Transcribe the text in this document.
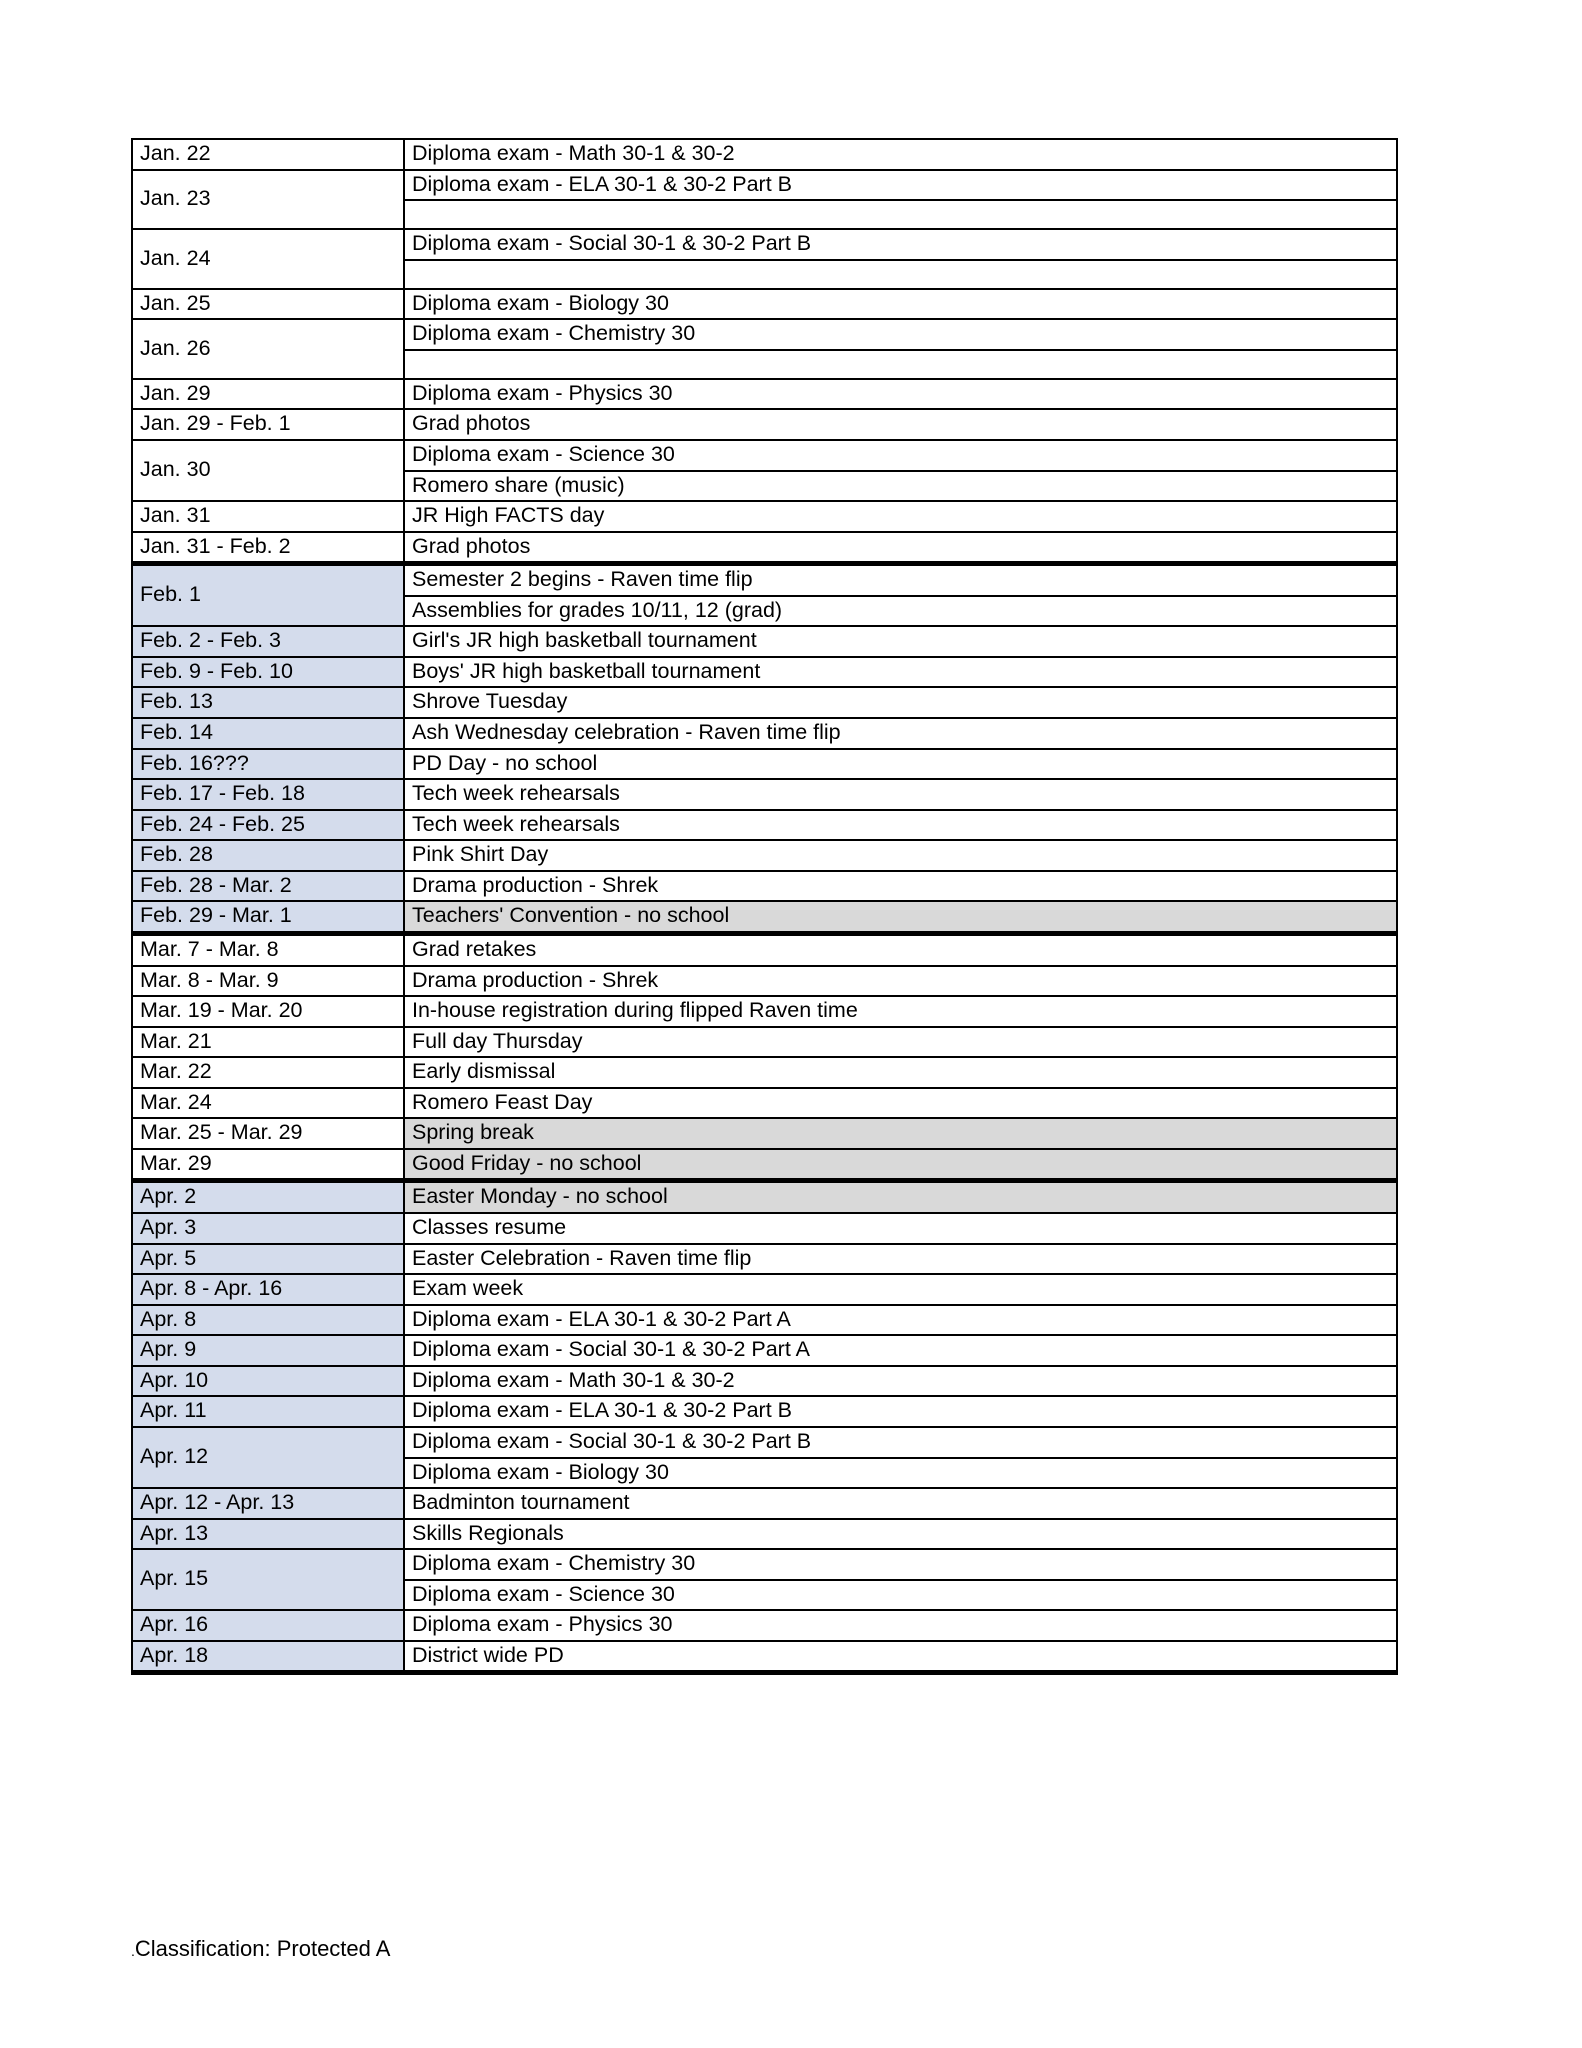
Jan. 22	Diploma exam - Math 30-1 & 30-2
Jan. 23	Diploma exam - ELA 30-1 & 30-2 Part B

Jan. 24	Diploma exam - Social 30-1 & 30-2 Part B

Jan. 25	Diploma exam - Biology 30
Jan. 26	Diploma exam - Chemistry 30

Jan. 29	Diploma exam - Physics 30
Jan. 29 - Feb. 1	Grad photos
Jan. 30	Diploma exam - Science 30
	Romero share (music)
Jan. 31	JR High FACTS day
Jan. 31 - Feb. 2	Grad photos
Feb. 1	Semester 2 begins - Raven time flip
	Assemblies for grades 10/11, 12 (grad)
Feb. 2 - Feb. 3	Girl's JR high basketball tournament
Feb. 9 - Feb. 10	Boys' JR high basketball tournament
Feb. 13	Shrove Tuesday
Feb. 14	Ash Wednesday celebration - Raven time flip
Feb. 16???	PD Day - no school
Feb. 17 - Feb. 18	Tech week rehearsals
Feb. 24 - Feb. 25	Tech week rehearsals
Feb. 28	Pink Shirt Day
Feb. 28 - Mar. 2	Drama production - Shrek
Feb. 29 - Mar. 1	Teachers' Convention - no school
Mar. 7 - Mar. 8	Grad retakes
Mar. 8 - Mar. 9	Drama production - Shrek
Mar. 19 - Mar. 20	In-house registration during flipped Raven time
Mar. 21	Full day Thursday
Mar. 22	Early dismissal
Mar. 24	Romero Feast Day
Mar. 25 - Mar. 29	Spring break
Mar. 29	Good Friday - no school
Apr. 2	Easter Monday - no school
Apr. 3	Classes resume
Apr. 5	Easter Celebration - Raven time flip
Apr. 8 - Apr. 16	Exam week
Apr. 8	Diploma exam - ELA 30-1 & 30-2 Part A
Apr. 9	Diploma exam - Social 30-1 & 30-2 Part A
Apr. 10	Diploma exam - Math 30-1 & 30-2
Apr. 11	Diploma exam - ELA 30-1 & 30-2 Part B
Apr. 12	Diploma exam - Social 30-1 & 30-2 Part B
	Diploma exam - Biology 30
Apr. 12 - Apr. 13	Badminton tournament
Apr. 13	Skills Regionals
Apr. 15	Diploma exam - Chemistry 30
	Diploma exam - Science 30
Apr. 16	Diploma exam - Physics 30
Apr. 18	District wide PD
.Classification: Protected A
